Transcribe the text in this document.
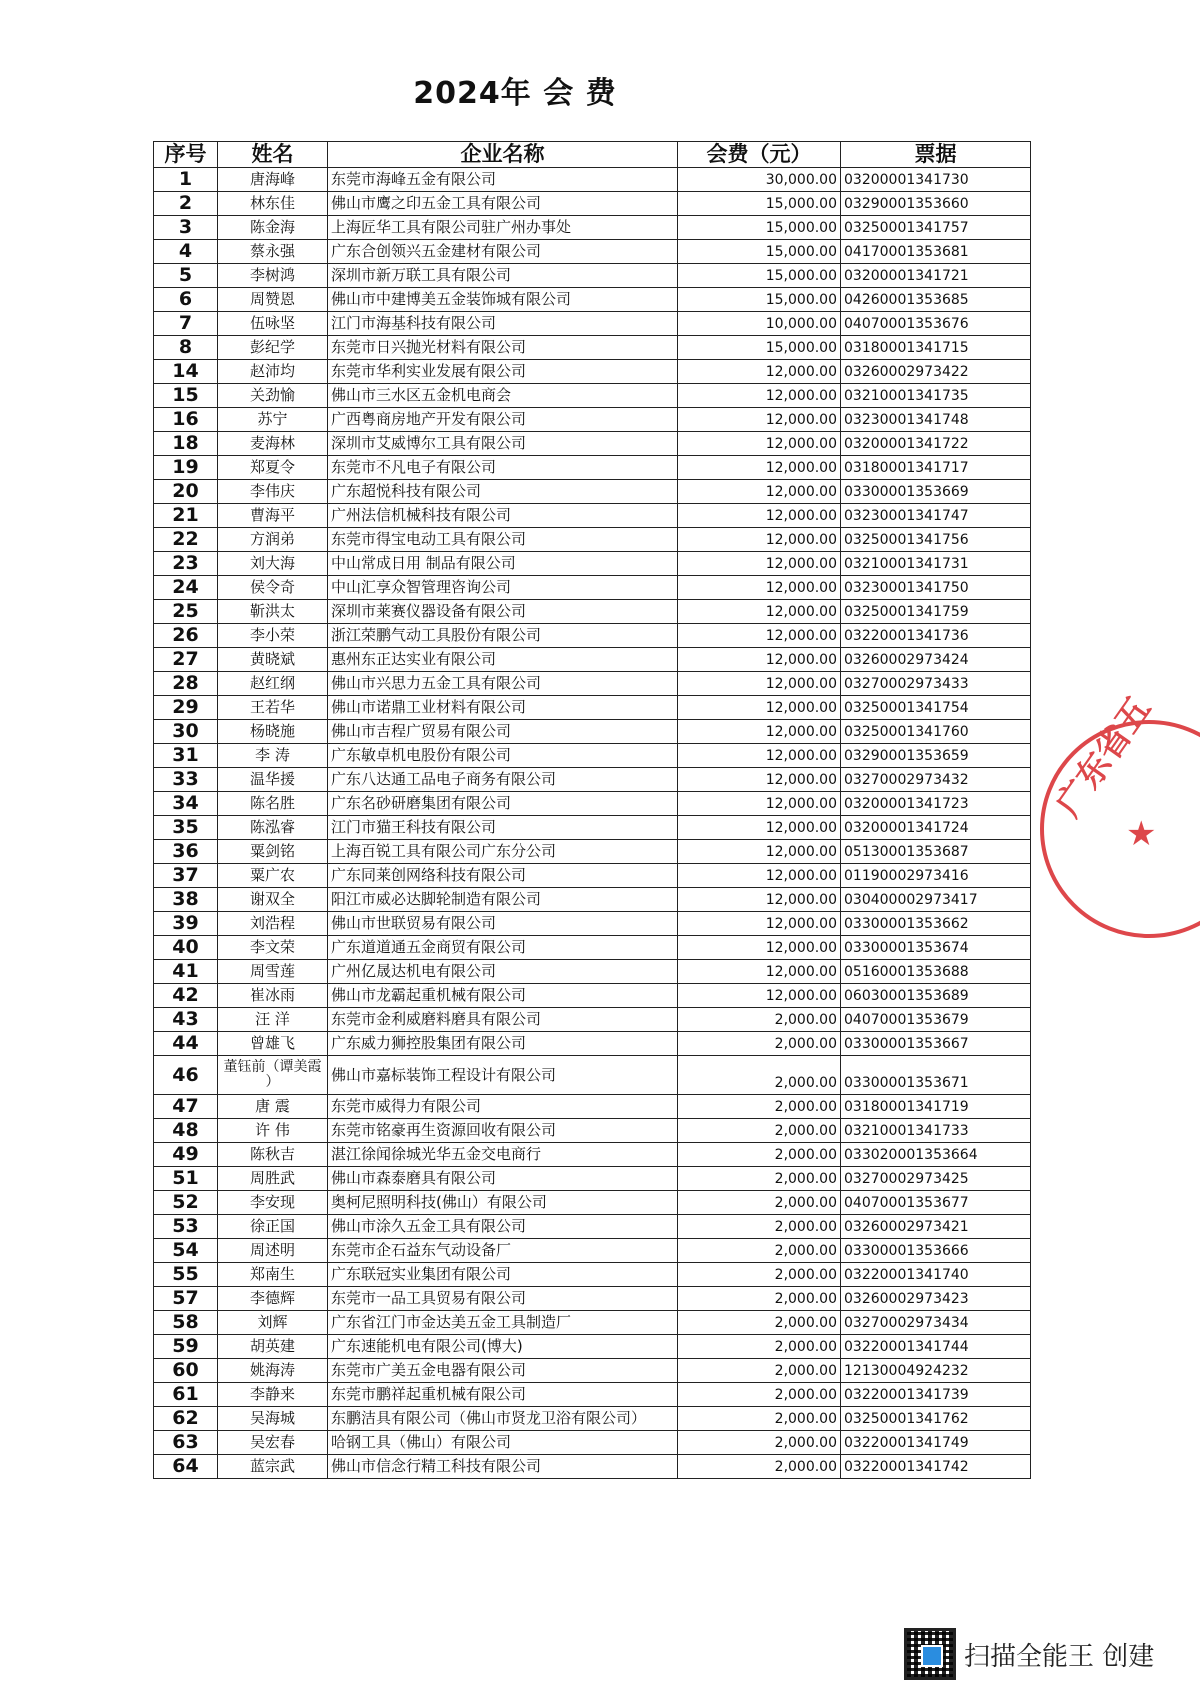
2024年 会 费
序号	姓名	企业名称	会费（元）	票据
1	唐海峰	东莞市海峰五金有限公司	30,000.00	03200001341730
2	林东佳	佛山市鹰之印五金工具有限公司	15,000.00	03290001353660
3	陈金海	上海匠华工具有限公司驻广州办事处	15,000.00	03250001341757
4	蔡永强	广东合创领兴五金建材有限公司	15,000.00	04170001353681
5	李树鸿	深圳市新万联工具有限公司	15,000.00	03200001341721
6	周赞恩	佛山市中建博美五金装饰城有限公司	15,000.00	04260001353685
7	伍咏坚	江门市海基科技有限公司	10,000.00	04070001353676
8	彭纪学	东莞市日兴抛光材料有限公司	15,000.00	03180001341715
14	赵沛均	东莞市华利实业发展有限公司	12,000.00	03260002973422
15	关劲愉	佛山市三水区五金机电商会	12,000.00	03210001341735
16	苏宁	广西粤商房地产开发有限公司	12,000.00	03230001341748
18	麦海林	深圳市艾威博尔工具有限公司	12,000.00	03200001341722
19	郑夏令	东莞市不凡电子有限公司	12,000.00	03180001341717
20	李伟庆	广东超悦科技有限公司	12,000.00	03300001353669
21	曹海平	广州法信机械科技有限公司	12,000.00	03230001341747
22	方润弟	东莞市得宝电动工具有限公司	12,000.00	03250001341756
23	刘大海	中山常成日用 制品有限公司	12,000.00	03210001341731
24	侯令奇	中山汇享众智管理咨询公司	12,000.00	03230001341750
25	靳洪太	深圳市莱赛仪器设备有限公司	12,000.00	03250001341759
26	李小荣	浙江荣鹏气动工具股份有限公司	12,000.00	03220001341736
27	黄晓斌	惠州东正达实业有限公司	12,000.00	03260002973424
28	赵红纲	佛山市兴思力五金工具有限公司	12,000.00	03270002973433
29	王若华	佛山市诺鼎工业材料有限公司	12,000.00	03250001341754
30	杨晓施	佛山市吉程广贸易有限公司	12,000.00	03250001341760
31	李 涛	广东敏卓机电股份有限公司	12,000.00	03290001353659
33	温华援	广东八达通工品电子商务有限公司	12,000.00	03270002973432
34	陈名胜	广东名砂研磨集团有限公司	12,000.00	03200001341723
35	陈泓睿	江门市猫王科技有限公司	12,000.00	03200001341724
36	粟剑铭	上海百锐工具有限公司广东分公司	12,000.00	05130001353687
37	粟广农	广东同莱创网络科技有限公司	12,000.00	01190002973416
38	谢双全	阳江市威必达脚轮制造有限公司	12,000.00	030400002973417
39	刘浩程	佛山市世联贸易有限公司	12,000.00	03300001353662
40	李文荣	广东道道通五金商贸有限公司	12,000.00	03300001353674
41	周雪莲	广州亿晟达机电有限公司	12,000.00	05160001353688
42	崔冰雨	佛山市龙霸起重机械有限公司	12,000.00	06030001353689
43	汪 洋	东莞市金利威磨料磨具有限公司	2,000.00	04070001353679
44	曾雄飞	广东威力狮控股集团有限公司	2,000.00	03300001353667
46	董钰前（谭美霞 ）	佛山市嘉标装饰工程设计有限公司	2,000.00	03300001353671
47	唐 震	东莞市威得力有限公司	2,000.00	03180001341719
48	许 伟	东莞市铭豪再生资源回收有限公司	2,000.00	03210001341733
49	陈秋吉	湛江徐闻徐城光华五金交电商行	2,000.00	033020001353664
51	周胜武	佛山市森泰磨具有限公司	2,000.00	03270002973425
52	李安现	奥柯尼照明科技(佛山）有限公司	2,000.00	04070001353677
53	徐正国	佛山市涂久五金工具有限公司	2,000.00	03260002973421
54	周述明	东莞市企石益东气动设备厂	2,000.00	03300001353666
55	郑南生	广东联冠实业集团有限公司	2,000.00	03220001341740
57	李德辉	东莞市一品工具贸易有限公司	2,000.00	03260002973423
58	刘辉	广东省江门市金达美五金工具制造厂	2,000.00	03270002973434
59	胡英建	广东速能机电有限公司(博大)	2,000.00	03220001341744
60	姚海涛	东莞市广美五金电器有限公司	2,000.00	12130004924232
61	李静来	东莞市鹏祥起重机械有限公司	2,000.00	03220001341739
62	吴海城	东鹏洁具有限公司（佛山市贤龙卫浴有限公司）	2,000.00	03250001341762
63	吴宏春	哈钢工具（佛山）有限公司	2,000.00	03220001341749
64	蓝宗武	佛山市信念行精工科技有限公司	2,000.00	03220001341742
广东省五
★
扫描全能王 创建
